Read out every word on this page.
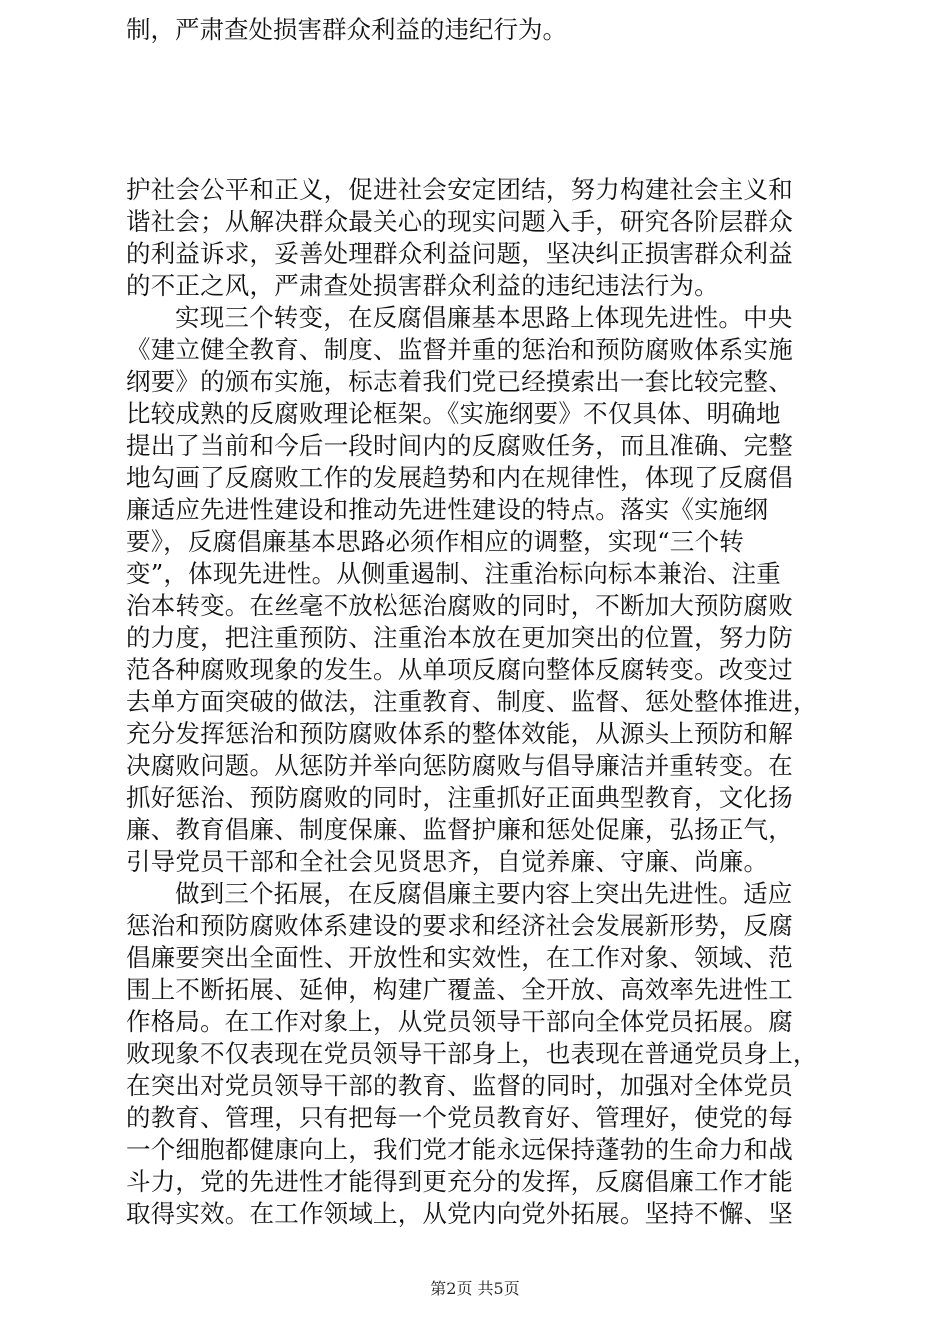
制，严肃查处损害群众利益的违纪行为。
护社会公平和正义，促进社会安定团结，努力构建社会主义和
谐社会；从解决群众最关心的现实问题入手，研究各阶层群众
的利益诉求，妥善处理群众利益问题，坚决纠正损害群众利益
的不正之风，严肃查处损害群众利益的违纪违法行为。
实现三个转变，在反腐倡廉基本思路上体现先进性。中央
《建立健全教育、制度、监督并重的惩治和预防腐败体系实施
纲要》的颁布实施，标志着我们党已经摸索出一套比较完整、
比较成熟的反腐败理论框架。《实施纲要》不仅具体、明确地
提出了当前和今后一段时间内的反腐败任务，而且准确、完整
地勾画了反腐败工作的发展趋势和内在规律性，体现了反腐倡
廉适应先进性建设和推动先进性建设的特点。落实《实施纲
要》，反腐倡廉基本思路必须作相应的调整，实现“三个转
变”，体现先进性。从侧重遏制、注重治标向标本兼治、注重
治本转变。在丝毫不放松惩治腐败的同时，不断加大预防腐败
的力度，把注重预防、注重治本放在更加突出的位置，努力防
范各种腐败现象的发生。从单项反腐向整体反腐转变。改变过
去单方面突破的做法，注重教育、制度、监督、惩处整体推进，
充分发挥惩治和预防腐败体系的整体效能，从源头上预防和解
决腐败问题。从惩防并举向惩防腐败与倡导廉洁并重转变。在
抓好惩治、预防腐败的同时，注重抓好正面典型教育，文化扬
廉、教育倡廉、制度保廉、监督护廉和惩处促廉，弘扬正气，
引导党员干部和全社会见贤思齐，自觉养廉、守廉、尚廉。
做到三个拓展，在反腐倡廉主要内容上突出先进性。适应
惩治和预防腐败体系建设的要求和经济社会发展新形势，反腐
倡廉要突出全面性、开放性和实效性，在工作对象、领域、范
围上不断拓展、延伸，构建广覆盖、全开放、高效率先进性工
作格局。在工作对象上，从党员领导干部向全体党员拓展。腐
败现象不仅表现在党员领导干部身上，也表现在普通党员身上，
在突出对党员领导干部的教育、监督的同时，加强对全体党员
的教育、管理，只有把每一个党员教育好、管理好，使党的每
一个细胞都健康向上，我们党才能永远保持蓬勃的生命力和战
斗力，党的先进性才能得到更充分的发挥，反腐倡廉工作才能
取得实效。在工作领域上，从党内向党外拓展。坚持不懈、坚
第2页 共5页
